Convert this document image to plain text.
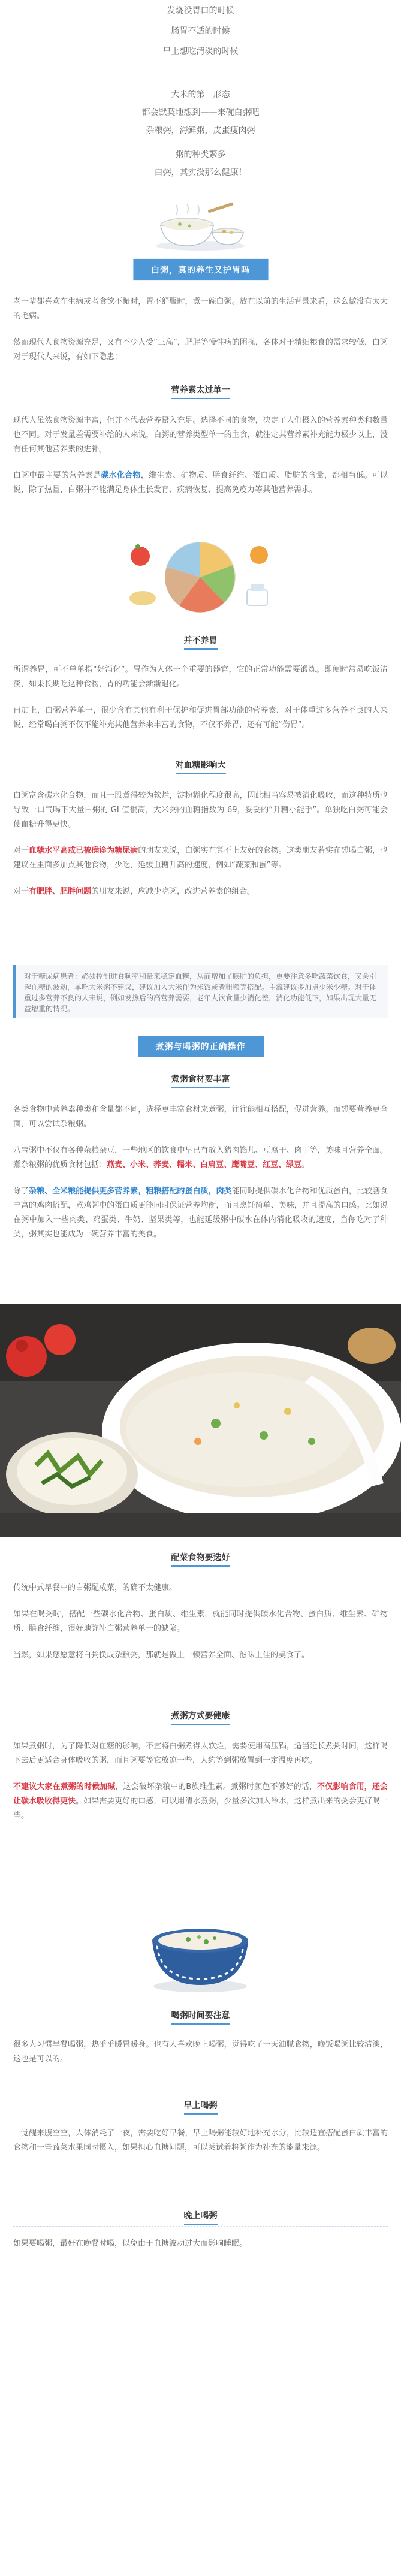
发烧没胃口的时候
肠胃不适的时候
早上想吃清淡的时候
大米的第一形态
都会默契地想到——来碗白粥吧
杂粮粥，海鲜粥，皮蛋瘦肉粥
粥的种类繁多
白粥，其实没那么健康！
白粥，真的养生又护胃吗

老一辈都喜欢在生病或者食欲不振时，胃不舒服时，煮一碗白粥。放在以前的生活背景来看，这么做没有太大的毛病。

然而现代人食物资源充足，又有不少人受“三高”，肥胖等慢性病的困扰，各体对于精细粮食的需求较低，白粥对于现代人来说，有如下隐患：

营养素太过单一

现代人虽然食物资源丰富，但并不代表营养摄入充足。选择不同的食物，决定了人们摄入的营养素种类和数量也不同。对于发量差需要补给的人来说，白粥的营养类型单一的主食，就注定其营养素补充能力极少以上，没有任何其他营养素的进补。

白粥中最主要的营养素是碳水化合物，维生素、矿物质、膳食纤维、蛋白质、脂肪的含量，都相当低。可以说，除了热量，白粥并不能满足身体生长发育、疾病恢复、提高免疫力等其他营养需求。

并不养胃

所谓养胃，可不单单指“好消化”。胃作为人体一个重要的器官，它的正常功能需要锻炼。即便时常易吃饭清淡，如果长期吃这种食物，胃的功能会渐渐退化。

再加上，白粥营养单一，很少含有其他有利于保护和促进胃部功能的营养素，对于体重过多营养不良的人来说，经常喝白粥不仅不能补充其他营养来丰富的食物，不仅不养胃，还有可能“伤胃”。

对血糖影响大

白粥富含碳水化合物，而且一股煮得较为软烂，淀粉糊化程度很高，因此相当容易被消化吸收，而这种特质也导致一口气喝下大量白粥的 GI 值很高，大米粥的血糖指数为 69，妥妥的“升糖小能手”。单独吃白粥可能会使血糖升得更快。

对于血糖水平高或已被确诊为糖尿病的朋友来说，白粥实在算不上友好的食物。这类朋友若实在想喝白粥，也建议在里面多加点其他食物，少吃，延缓血糖升高的速度，例如“蔬菜和蛋”等。

对于有肥胖、肥胖问题的朋友来说，应减少吃粥，改进营养素的组合。

对于糖尿病患者：必须控制进食频率和量来稳定血糖，从而增加了胰脏的负担，更要注意多吃蔬菜饮食，又会引起血糖的波动，单吃大米粥不建议，建议加入大米作为米饭或者粗粮等搭配。主流建议多加点少米少糖。对于体重过多营养不良的人来说，例如发热后的高营养需要，老年人饮食量少消化差，消化功能低下，如果出现大量无益增重的情况。
煮粥与喝粥的正确操作
煮粥食材要丰富

各类食物中营养素种类和含量都不同，选择更丰富食材来煮粥，往往能相互搭配，促进营养。而想要营养更全面，可以尝试杂粮粥。

八宝粥中不仅有各种杂粮杂豆，一些地区的饮食中早已有放入猪肉馅儿、豆腐干、肉丁等，美味且营养全面。煮杂粮粥的优质食材包括：燕麦、小米、荞麦、糯米、白扁豆、鹰嘴豆、红豆、绿豆。

除了杂粮、全米粮能提供更多营养素，粗粮搭配的蛋白质，肉类能同时提供碳水化合物和优质蛋白，比较膳食丰富的鸡肉搭配，煮鸡粥中的蛋白质更能同时保证营养均衡，而且烹饪简单、美味，并且提高的口感。比如说在粥中加入一些肉类、鸡蛋类、牛奶、坚果类等，也能延缓粥中碳水在体内消化吸收的速度，当你吃对了种类，粥其实也能成为一碗营养丰富的美食。

配菜食物要选好

传统中式早餐中的白粥配咸菜，的确不太健康。

如果在喝粥时，搭配一些碳水化合物、蛋白质、维生素，就能同时提供碳水化合物、蛋白质、维生素、矿物质、膳食纤维，很好地弥补白粥营养单一的缺陷。

当然，如果您愿意将白粥换成杂粮粥，那就是做上一顿营养全面、滋味上佳的美食了。

煮粥方式要健康

如果煮粥时，为了降低对血糖的影响，不宜将白粥煮得太软烂，需要使用高压锅，适当延长煮粥时间，这样喝下去后更适合身体吸收的粥，而且粥要等它放凉一些，大约等到粥放置到一定温度再吃。

不建议大家在煮粥的时候加碱，这会破坏杂粮中的B族维生素。煮粥时颜色不够好的话，不仅影响食用，还会让碳水吸收得更快。如果需要更好的口感，可以用清水煮粥，少量多次加入冷水，这样煮出来的粥会更好喝一些。

喝粥时间要注意

很多人习惯早餐喝粥，热乎乎暖胃暖身。也有人喜欢晚上喝粥，觉得吃了一天油腻食物，晚饭喝粥比较清淡，这也是可以的。

早上喝粥

一觉醒来腹空空，人体消耗了一夜，需要吃好早餐，早上喝粥能较好地补充水分，比较适宜搭配蛋白质丰富的食物和一些蔬菜水果同时摄入，如果担心血糖问题，可以尝试着将粥作为补充的能量来源。

晚上喝粥

如果要喝粥，最好在晚餐时喝，以免由于血糖波动过大而影响睡眠。
